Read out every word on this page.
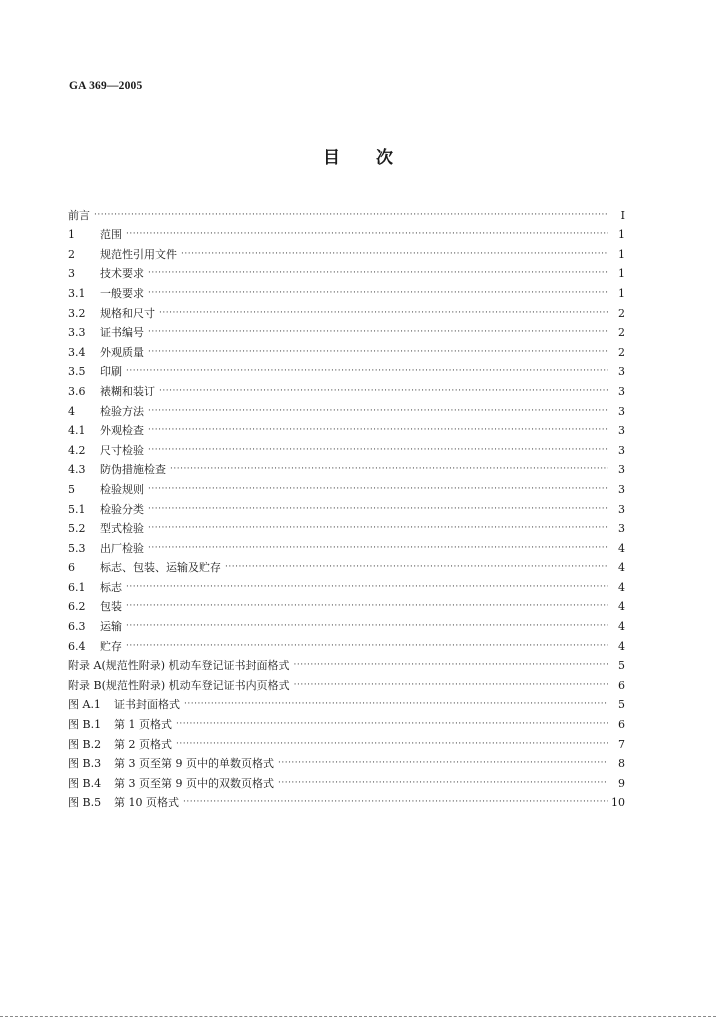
GA 369—2005
目 次
前言 ·····	Ⅰ
1 范围 ·····	1
2 规范性引用文件 ·····	1
3 技术要求 ·····	1
3.1 一般要求 ·····	1
3.2 规格和尺寸 ·····	2
3.3 证书编号 ·····	2
3.4 外观质量 ·····	2
3.5 印刷 ·····	3
3.6 裱糊和装订 ·····	3
4 检验方法 ·····	3
4.1 外观检查 ·····	3
4.2 尺寸检验 ·····	3
4.3 防伪措施检查 ·····	3
5 检验规则 ·····	3
5.1 检验分类 ·····	3
5.2 型式检验 ·····	3
5.3 出厂检验 ·····	4
6 标志、包装、运输及贮存 ·····	4
6.1 标志 ·····	4
6.2 包装 ·····	4
6.3 运输 ·····	4
6.4 贮存 ·····	4
附录 A(规范性附录) 机动车登记证书封面格式 ·····	5
附录 B(规范性附录) 机动车登记证书内页格式 ·····	6
图 A.1 证书封面格式 ·····	5
图 B.1 第 1 页格式 ·····	6
图 B.2 第 2 页格式 ·····	7
图 B.3 第 3 页至第 9 页中的单数页格式 ·····	8
图 B.4 第 3 页至第 9 页中的双数页格式 ·····	9
图 B.5 第 10 页格式 ·····	10
